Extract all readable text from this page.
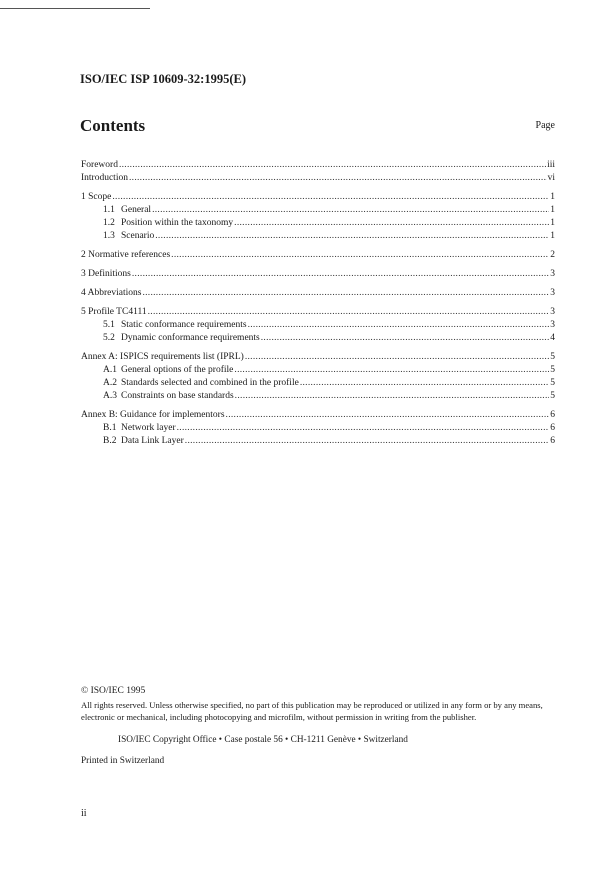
ISO/IEC ISP 10609-32:1995(E)
Contents	Page
Foreword .....	iii
Introduction .....	vi
1 Scope .....	1
1.1 General .....	1
1.2 Position within the taxonomy .....	1
1.3 Scenario .....	1
2 Normative references .....	2
3 Definitions .....	3
4 Abbreviations .....	3
5 Profile TC4111 .....	3
5.1 Static conformance requirements .....	3
5.2 Dynamic conformance requirements .....	4
Annex A: ISPICS requirements list (IPRL) .....	5
A.1 General options of the profile .....	5
A.2 Standards selected and combined in the profile .....	5
A.3 Constraints on base standards .....	5
Annex B: Guidance for implementors .....	6
B.1 Network layer .....	6
B.2 Data Link Layer .....	6
© ISO/IEC 1995
All rights reserved. Unless otherwise specified, no part of this publication may be reproduced or utilized in any form or by any means, electronic or mechanical, including photocopying and microfilm, without permission in writing from the publisher.
ISO/IEC Copyright Office • Case postale 56 • CH-1211 Genève • Switzerland
Printed in Switzerland
ii
